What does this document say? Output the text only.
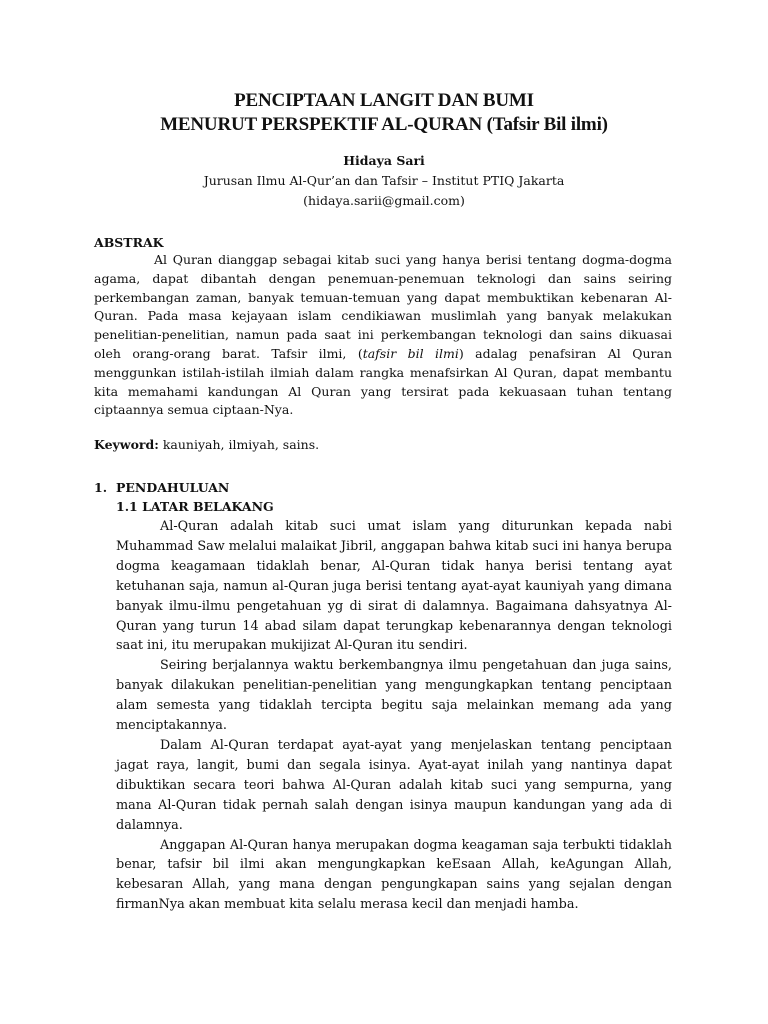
PENCIPTAAN LANGIT DAN BUMI
MENURUT PERSPEKTIF AL-QURAN (Tafsir Bil ilmi)
Hidaya Sari
Jurusan Ilmu Al-Qur’an dan Tafsir – Institut PTIQ Jakarta
(hidaya.sarii@gmail.com)
ABSTRAK

Al Quran dianggap sebagai kitab suci yang hanya berisi tentang dogma-dogma agama, dapat dibantah dengan penemuan-penemuan teknologi dan sains seiring perkembangan zaman, banyak temuan-temuan yang dapat membuktikan kebenaran Al-Quran. Pada masa kejayaan islam cendikiawan muslimlah yang banyak melakukan penelitian-penelitian, namun pada saat ini perkembangan teknologi dan sains dikuasai oleh orang-orang barat. Tafsir ilmi, (tafsir bil ilmi) adalag penafsiran Al Quran menggunkan istilah-istilah ilmiah dalam rangka menafsirkan Al Quran, dapat membantu kita memahami kandungan Al Quran yang tersirat pada kekuasaan tuhan tentang ciptaannya semua ciptaan-Nya.

Keyword: kauniyah, ilmiyah, sains.
1. PENDAHULUAN
1.1 LATAR BELAKANG

Al-Quran adalah kitab suci umat islam yang diturunkan kepada nabi Muhammad Saw melalui malaikat Jibril, anggapan bahwa kitab suci ini hanya berupa dogma keagamaan tidaklah benar, Al-Quran tidak hanya berisi tentang ayat ketuhanan saja, namun al-Quran juga berisi tentang ayat-ayat kauniyah yang dimana banyak ilmu-ilmu pengetahuan yg di sirat di dalamnya. Bagaimana dahsyatnya Al-Quran yang turun 14 abad silam dapat terungkap kebenarannya dengan teknologi saat ini, itu merupakan mukijizat Al-Quran itu sendiri.

Seiring berjalannya waktu berkembangnya ilmu pengetahuan dan juga sains, banyak dilakukan penelitian-penelitian yang mengungkapkan tentang penciptaan alam semesta yang tidaklah tercipta begitu saja melainkan memang ada yang menciptakannya.

Dalam Al-Quran terdapat ayat-ayat yang menjelaskan tentang penciptaan jagat raya, langit, bumi dan segala isinya. Ayat-ayat inilah yang nantinya dapat dibuktikan secara teori bahwa Al-Quran adalah kitab suci yang sempurna, yang mana Al-Quran tidak pernah salah dengan isinya maupun kandungan yang ada di dalamnya.

Anggapan Al-Quran hanya merupakan dogma keagaman saja terbukti tidaklah benar, tafsir bil ilmi akan mengungkapkan keEsaan Allah, keAgungan Allah, kebesaran Allah, yang mana dengan pengungkapan sains yang sejalan dengan firmanNya akan membuat kita selalu merasa kecil dan menjadi hamba.
